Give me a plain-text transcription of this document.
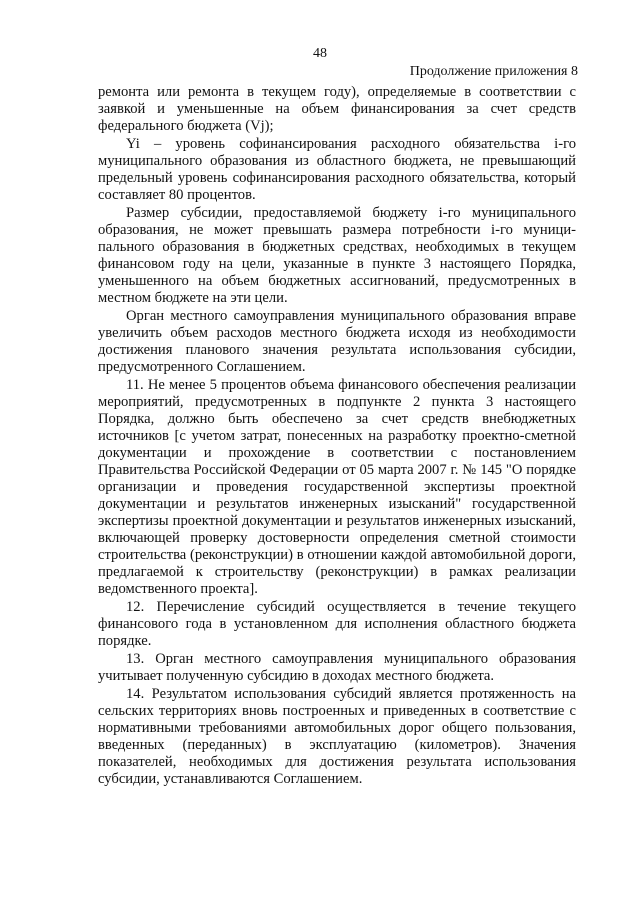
48
Продолжение приложения 8

ремонта или ремонта в текущем году), определяемые в соответствии с заявкой и уменьшенные на объем финансирования за счет средств федерального бюджета (Vj);

Yi – уровень софинансирования расходного обязательства i-го муниципального образования из областного бюджета, не превышающий предельный уровень софинансирования расходного обязательства, который составляет 80 процентов.

Размер субсидии, предоставляемой бюджету i-го муниципального образования, не может превышать размера потребности i-го муници-пального образования в бюджетных средствах, необходимых в текущем финансовом году на цели, указанные в пункте 3 настоящего Порядка, уменьшенного на объем бюджетных ассигнований, предусмотренных в местном бюджете на эти цели.

Орган местного самоуправления муниципального образования вправе увеличить объем расходов местного бюджета исходя из необходимости достижения планового значения результата использования субсидии, предусмотренного Соглашением.

11. Не менее 5 процентов объема финансового обеспечения реализации мероприятий, предусмотренных в подпункте 2 пункта 3 настоящего Порядка, должно быть обеспечено за счет средств внебюджетных источников [с учетом затрат, понесенных на разработку проектно-сметной документации и прохождение в соответствии с постановлением Правительства Российской Федерации от 05 марта 2007 г. № 145 "О порядке организации и проведения государственной экспертизы проектной документации и результатов инженерных изысканий" государственной экспертизы проектной документации и результатов инженерных изысканий, включающей проверку достоверности определения сметной стоимости строительства (реконструкции) в отношении каждой автомобильной дороги, предлагаемой к строительству (реконструкции) в рамках реализации ведомственного проекта].

12. Перечисление субсидий осуществляется в течение текущего финансового года в установленном для исполнения областного бюджета порядке.

13. Орган местного самоуправления муниципального образования учитывает полученную субсидию в доходах местного бюджета.

14. Результатом использования субсидий является протяженность на сельских территориях вновь построенных и приведенных в соответствие с нормативными требованиями автомобильных дорог общего пользования, введенных (переданных) в эксплуатацию (километров). Значения показателей, необходимых для достижения результата использования субсидии, устанавливаются Соглашением.
